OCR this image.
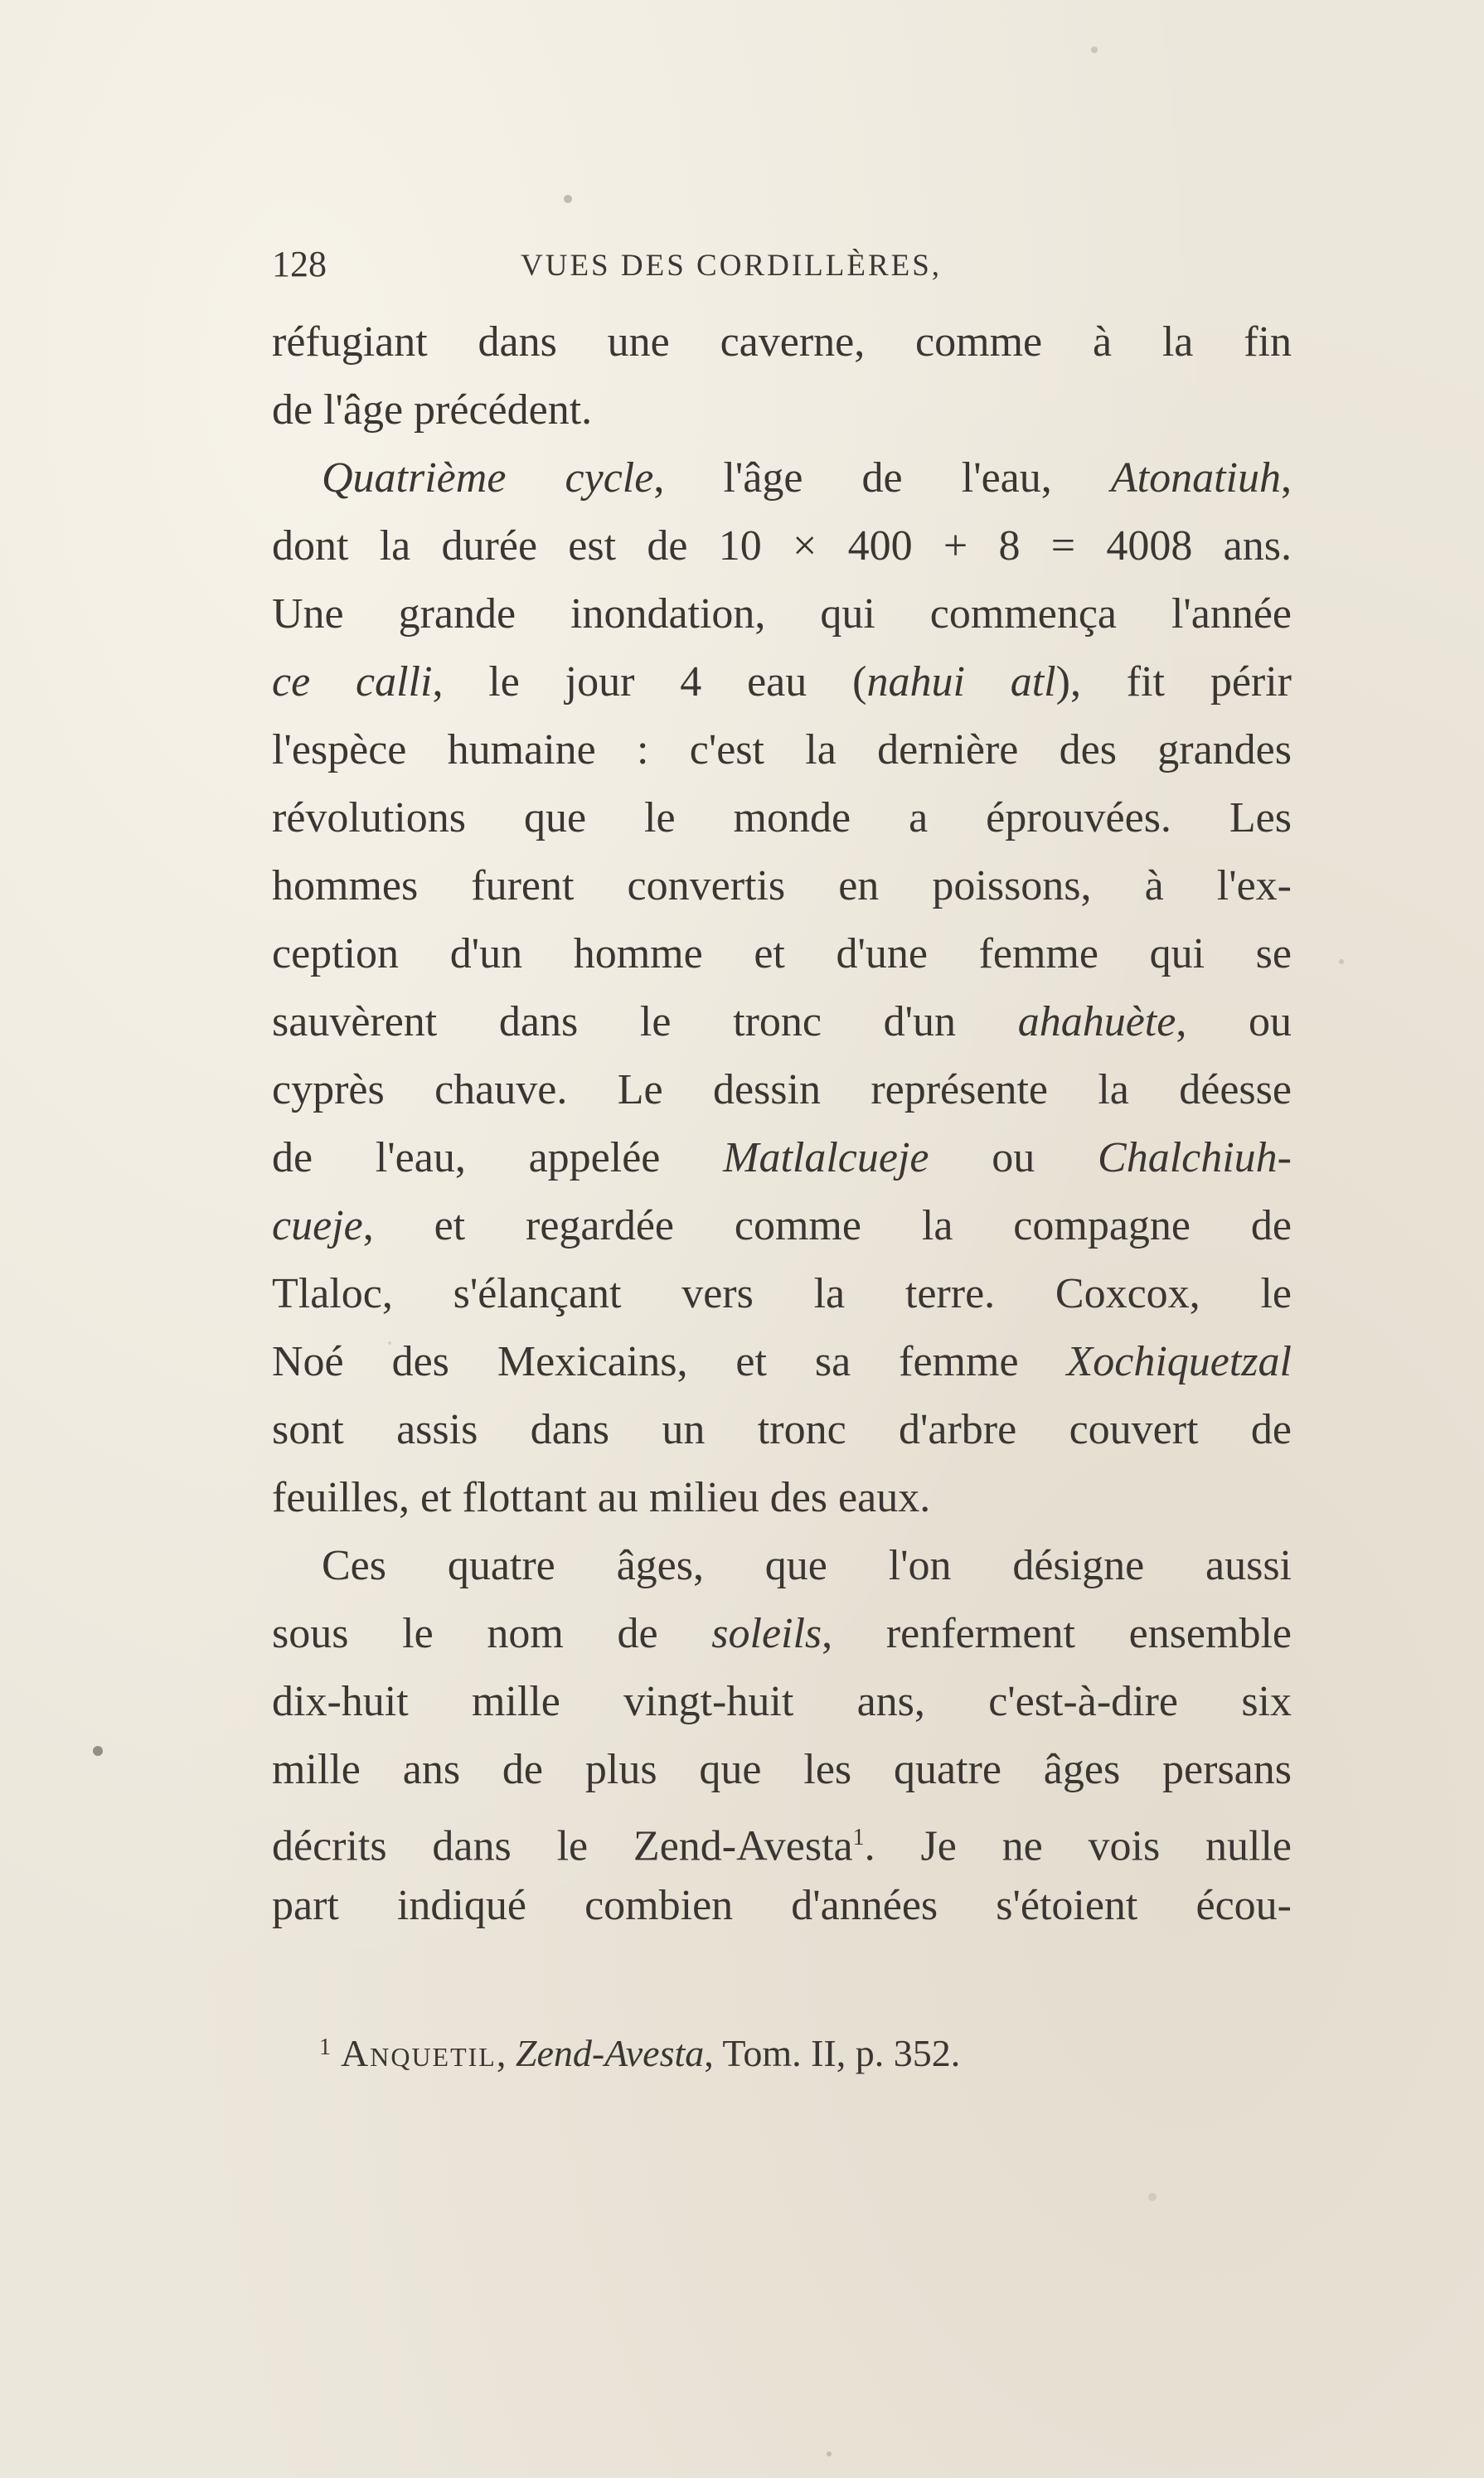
128	VUES DES CORDILLÈRES,
réfugiant dans une caverne, comme à la fin
de l'âge précédent.
Quatrième cycle, l'âge de l'eau, Atonatiuh,
dont la durée est de 10 × 400 + 8 = 4008 ans.
Une grande inondation, qui commença l'année
ce calli, le jour 4 eau (nahui atl), fit périr
l'espèce humaine : c'est la dernière des grandes
révolutions que le monde a éprouvées. Les
hommes furent convertis en poissons, à l'ex-
ception d'un homme et d'une femme qui se
sauvèrent dans le tronc d'un ahahuète, ou
cyprès chauve. Le dessin représente la déesse
de l'eau, appelée Matlalcueje ou Chalchiuh-
cueje, et regardée comme la compagne de
Tlaloc, s'élançant vers la terre. Coxcox, le
Noé des Mexicains, et sa femme Xochiquetzal
sont assis dans un tronc d'arbre couvert de
feuilles, et flottant au milieu des eaux.
Ces quatre âges, que l'on désigne aussi
sous le nom de soleils, renferment ensemble
dix-huit mille vingt-huit ans, c'est-à-dire six
mille ans de plus que les quatre âges persans
décrits dans le Zend-Avesta$^1$. Je ne vois nulle
part indiqué combien d'années s'étoient écou-
$^1$ Anquetil, Zend-Avesta, Tom. II, p. 352.
